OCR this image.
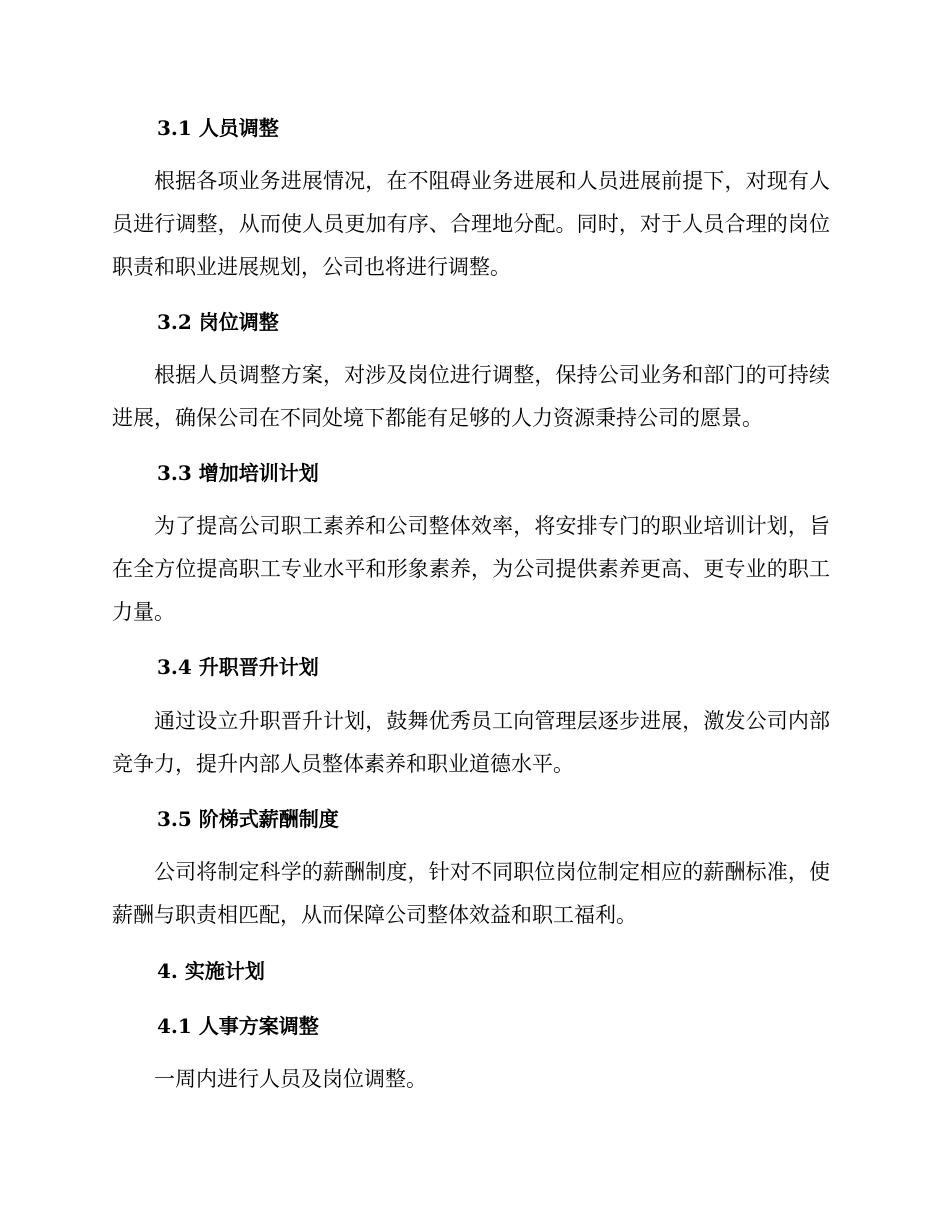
3.1 人员调整

根据各项业务进展情况，在不阻碍业务进展和人员进展前提下，对现有人员进行调整，从而使人员更加有序、合理地分配。同时，对于人员合理的岗位职责和职业进展规划，公司也将进行调整。

3.2 岗位调整

根据人员调整方案，对涉及岗位进行调整，保持公司业务和部门的可持续进展，确保公司在不同处境下都能有足够的人力资源秉持公司的愿景。

3.3 增加培训计划

为了提高公司职工素养和公司整体效率，将安排专门的职业培训计划，旨在全方位提高职工专业水平和形象素养，为公司提供素养更高、更专业的职工力量。

3.4 升职晋升计划

通过设立升职晋升计划，鼓舞优秀员工向管理层逐步进展，激发公司内部竞争力，提升内部人员整体素养和职业道德水平。

3.5 阶梯式薪酬制度

公司将制定科学的薪酬制度，针对不同职位岗位制定相应的薪酬标准，使薪酬与职责相匹配，从而保障公司整体效益和职工福利。

4. 实施计划
4.1 人事方案调整

一周内进行人员及岗位调整。
